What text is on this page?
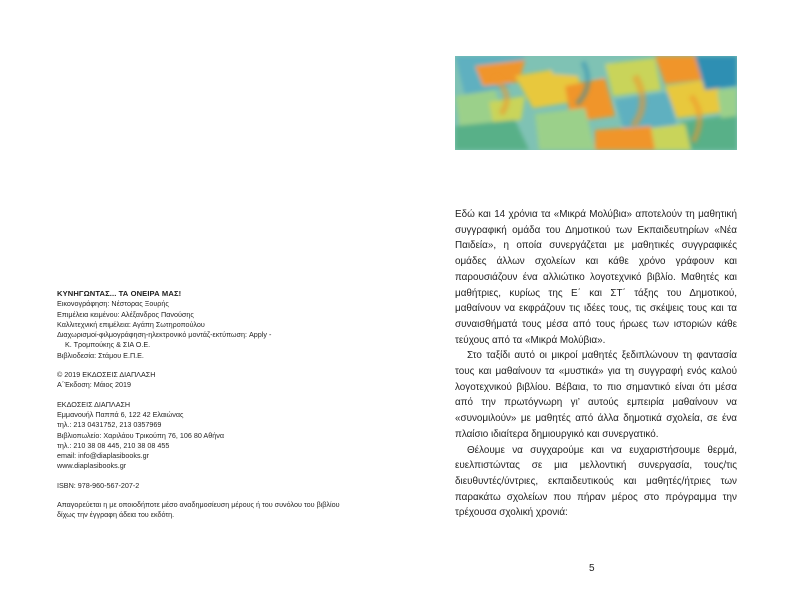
ΚΥΝΗΓΩΝΤΑΣ... ΤΑ ΟΝΕΙΡΑ ΜΑΣ!
Εικονογράφηση: Νέστορας Ξουρής
Επιμέλεια κειμένου: Αλέξανδρος Πανούσης
Καλλιτεχνική επιμέλεια: Αγάπη Σωτηροπούλου
Διαχωρισμοί-φιλμογράφηση-ηλεκτρονικό μοντάζ-εκτύπωση: Apply -
Κ. Τρομπούκης & ΣΙΑ Ο.Ε.
Βιβλιοδεσία: Στάμου Ε.Π.Ε.
© 2019 ΕΚΔΟΣΕΙΣ ΔΙΑΠΛΑΣΗ
Α΄Έκδοση: Μάιος 2019
ΕΚΔΟΣΕΙΣ ΔΙΑΠΛΑΣΗ
Εμμανουήλ Παππά 6, 122 42 Ελαιώνας
τηλ.: 213 0431752, 213 0357969
Βιβλιοπωλείο: Χαριλάου Τρικούπη 76, 106 80 Αθήνα
τηλ.: 210 38 08 445, 210 38 08 455
email: info@diaplasibooks.gr
www.diaplasibooks.gr
ISBN: 978-960-567-207-2
Απαγορεύεται η με οποιοδήποτε μέσο αναδημοσίευση μέρους ή του συνόλου του βιβλίου δίχως την έγγραφη άδεια του εκδότη.

Εδώ και 14 χρόνια τα «Μικρά Μολύβια» αποτελούν τη μαθητική συγγραφική ομάδα του Δημοτικού των Εκπαιδευτηρίων «Νέα Παιδεία», η οποία συνεργάζεται με μαθητικές συγγραφικές ομάδες άλλων σχολείων και κάθε χρόνο γράφουν και παρουσιάζουν ένα αλλιώτικο λογοτεχνικό βιβλίο. Μαθητές και μαθήτριες, κυρίως της Ε΄ και ΣΤ΄ τάξης του Δημοτικού, μαθαίνουν να εκφράζουν τις ιδέες τους, τις σκέψεις τους και τα συναισθήματά τους μέσα από τους ήρωες των ιστοριών κάθε τεύχους από τα «Μικρά Μολύβια».

Στο ταξίδι αυτό οι μικροί μαθητές ξεδιπλώνουν τη φαντασία τους και μαθαίνουν τα «μυστικά» για τη συγγραφή ενός καλού λογοτεχνικού βιβλίου. Βέβαια, το πιο σημαντικό είναι ότι μέσα από την πρωτόγνωρη γι’ αυτούς εμπειρία μαθαίνουν να «συνομιλούν» με μαθητές από άλλα δημοτικά σχολεία, σε ένα πλαίσιο ιδιαίτερα δημιουργικό και συνεργατικό.

Θέλουμε να συγχαρούμε και να ευχαριστήσουμε θερμά, ευελπιστώντας σε μια μελλοντική συνεργασία, τους/τις διευθυντές/ύντριες, εκπαιδευτικούς και μαθητές/ήτριες των παρακάτω σχολείων που πήραν μέρος στο πρόγραμμα την τρέχουσα σχολική χρονιά:

5
